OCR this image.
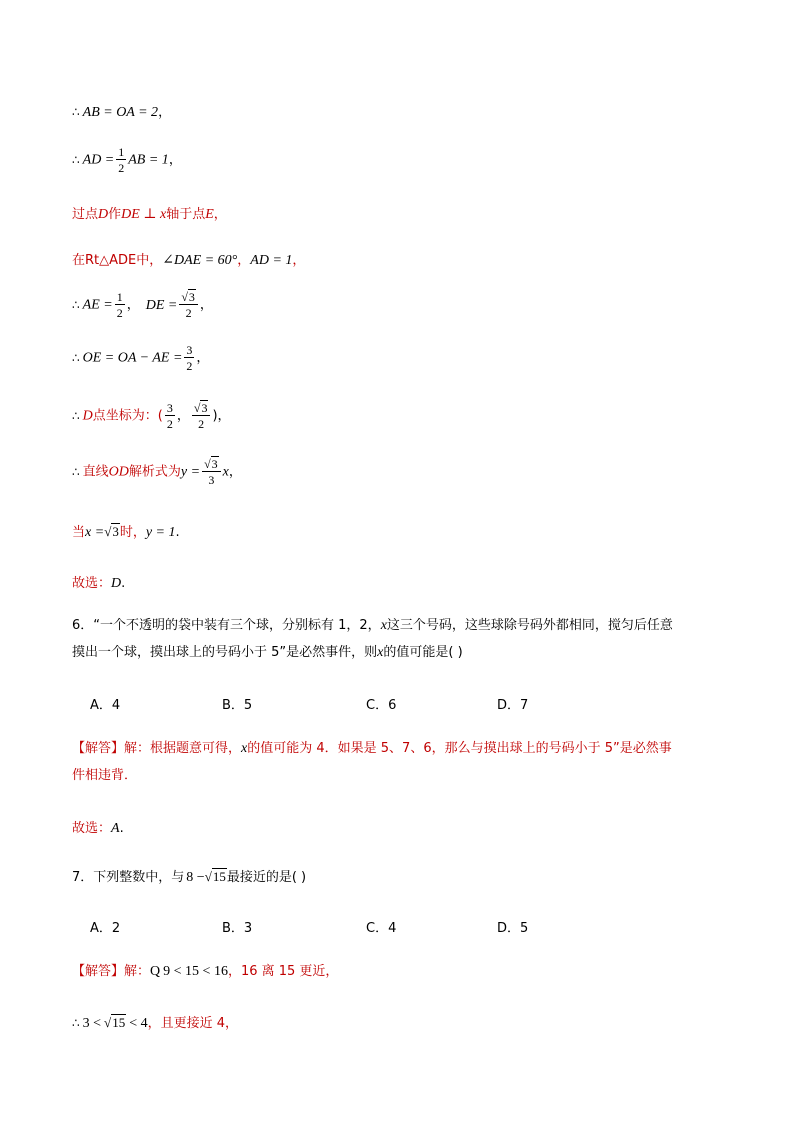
∴ AB = OA = 2，
∴ AD = $\frac{1}{2}$ AB = 1，
过点D作DE ⊥ x轴于点E，
在Rt△ADE中，∠DAE = 60°，AD = 1，
∴ AE = $\frac{1}{2}$ ， DE = $\frac{√3}{2}$ ，
∴ OE = OA − AE = $\frac{3}{2}$ ，
∴ D点坐标为：( $\frac{3}{2}$ ， $\frac{√3}{2}$ )，
∴ 直线OD解析式为$y = \frac{√3}{3}$ x，
当x =√3时，y = 1.
故选：D.
6．“一个不透明的袋中装有三个球，分别标有 1，2，x这三个号码，这些球除号码外都相同，搅匀后任意
摸出一个球，摸出球上的号码小于 5”是必然事件，则x的值可能是( )
A．4	B．5	C．6	D．7
【解答】解：根据题意可得，x的值可能为 4．如果是 5、7、6，那么与摸出球上的号码小于 5”是必然事
件相违背．
故选：A.
7．下列整数中，与 8 −√15最接近的是( )
A．2	B．3	C．4	D．5
【解答】解：Q 9 < 15 < 16，16 离 15 更近，
∴ 3 < √15 < 4，且更接近 4，
